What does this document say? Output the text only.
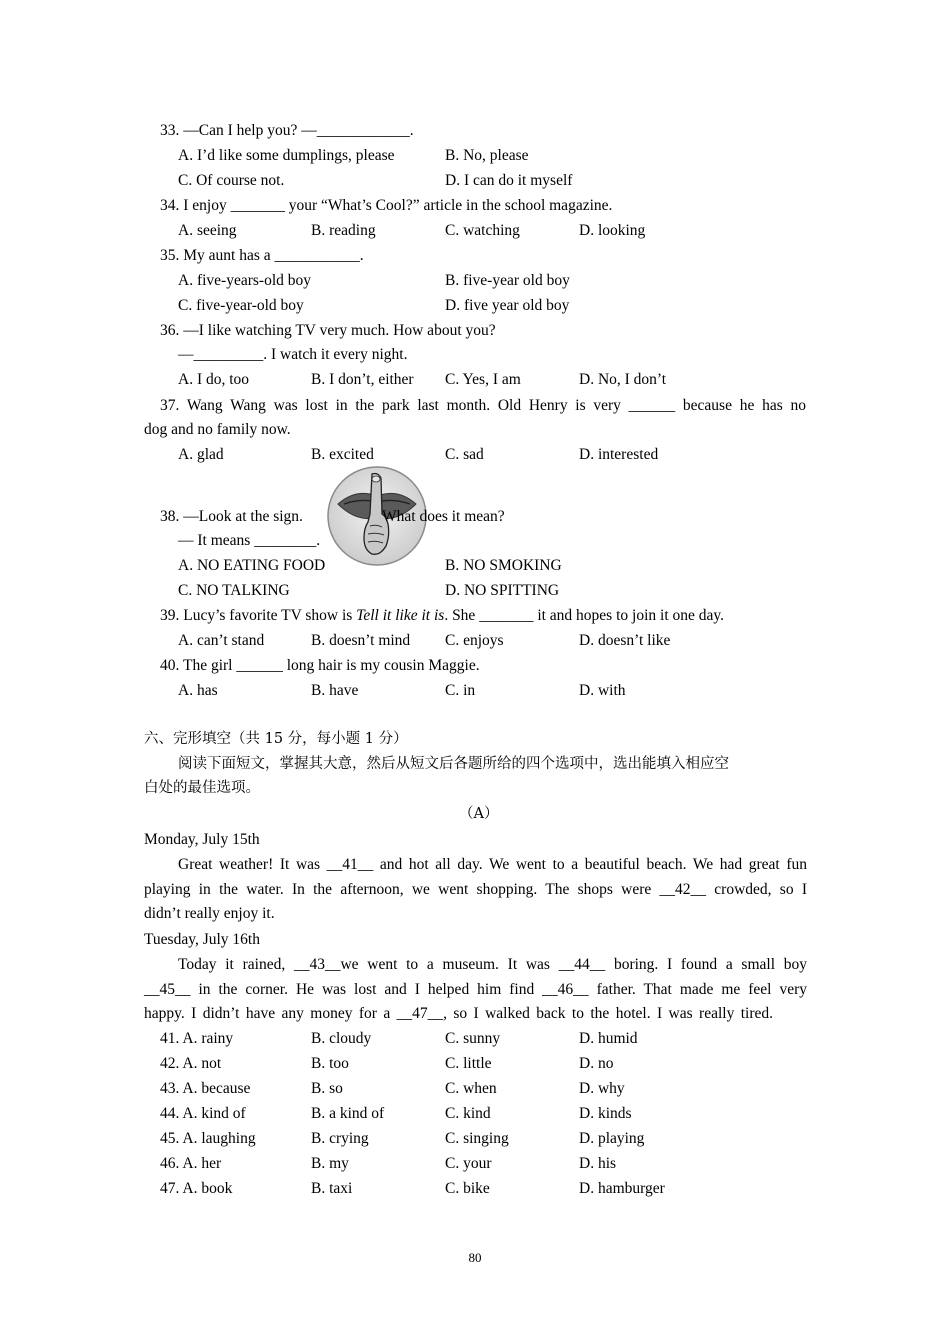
33. —Can I help you? —____________.
A. I’d like some dumplings, please	B. No, please
C. Of course not.	D. I can do it myself
34. I enjoy _______ your “What’s Cool?” article in the school magazine.
A. seeing	B. reading	C. watching	D. looking
35. My aunt has a ___________.
A. five-years-old boy	B. five-year old boy
C. five-year-old boy	D. five year old boy
36. —I like watching TV very much. How about you?
—_________. I watch it every night.
A. I do, too	B. I don’t, either C. Yes, I am	D. No, I don’t
37. Wang Wang was lost in the park last month. Old Henry is very ______ because he has no
dog and no family now.
A. glad	B. excited	C. sad	D. interested
38. —Look at the sign.	What does it mean?
— It means ________.
A. NO EATING FOOD	B. NO SMOKING
C. NO TALKING	D. NO SPITTING
39. Lucy’s favorite TV show is Tell it like it is. She _______ it and hopes to join it one day.
A. can’t stand	B. doesn’t mind C. enjoys	D. doesn’t like
40. The girl ______ long hair is my cousin Maggie.
A. has	B. have	C. in	D. with
六、完形填空（共 15 分，每小题 1 分）
阅读下面短文，掌握其大意，然后从短文后各题所给的四个选项中，选出能填入相应空
白处的最佳选项。
（A）
Monday, July 15th
Great weather! It was __41__ and hot all day. We went to a beautiful beach. We had great fun
playing in the water. In the afternoon, we went shopping. The shops were __42__ crowded, so I
didn’t really enjoy it.
Tuesday, July 16th
Today it rained, __43__we went to a museum. It was __44__ boring. I found a small boy
__45__ in the corner. He was lost and I helped him find __46__ father. That made me feel very
happy. I didn’t have any money for a __47__, so I walked back to the hotel. I was really tired.
41. A. rainy	B. cloudy	C. sunny	D. humid
42. A. not	B. too	C. little	D. no
43. A. because	B. so	C. when	D. why
44. A. kind of	B. a kind of	C. kind	D. kinds
45. A. laughing	B. crying	C. singing	D. playing
46. A. her	B. my	C. your	D. his
47. A. book	B. taxi	C. bike	D. hamburger
80
